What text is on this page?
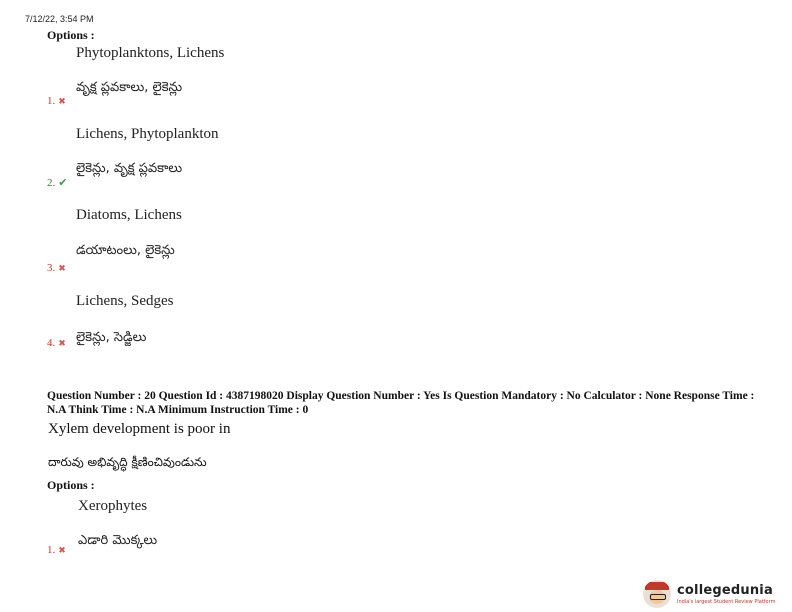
7/12/22, 3:54 PM
Options :
Phytoplanktons, Lichens
వృక్ష ప్లవకాలు, లైకెన్లు
1. ✖
Lichens, Phytoplankton
లైకెన్లు, వృక్ష ప్లవకాలు
2. ✔
Diatoms, Lichens
డయాటంలు, లైకెన్లు
3. ✖
Lichens, Sedges
లైకెన్లు, సెడ్జిలు
4. ✖
Question Number : 20 Question Id : 4387198020 Display Question Number : Yes Is Question Mandatory : No Calculator : None Response Time : N.A Think Time : N.A Minimum Instruction Time : 0
Xylem development is poor in
దారువు అభివృద్ధి క్షీణించివుండును
Options :
Xerophytes
ఎడారి మొక్కలు
1. ✖
collegedunia
India's largest Student Review Platform
